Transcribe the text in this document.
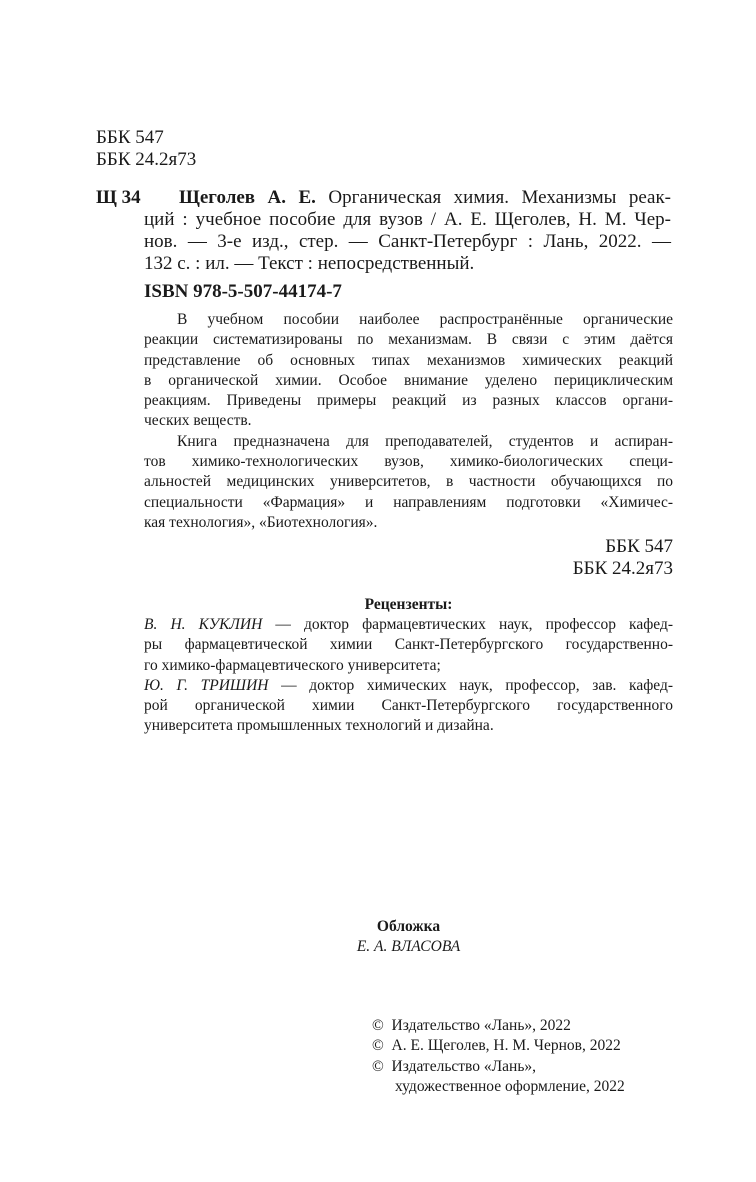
ББК 547
ББК 24.2я73
Щ 34 Щеголев А. Е. Органическая химия. Механизмы реак-
ций : учебное пособие для вузов / А. Е. Щеголев, Н. М. Чер-
нов. — 3-е изд., стер. — Санкт-Петербург : Лань, 2022. —
132 с. : ил. — Текст : непосредственный.
ISBN 978-5-507-44174-7
В учебном пособии наиболее распространённые органические
реакции систематизированы по механизмам. В связи с этим даётся
представление об основных типах механизмов химических реакций
в органической химии. Особое внимание уделено перициклическим
реакциям. Приведены примеры реакций из разных классов органи-
ческих веществ.
Книга предназначена для преподавателей, студентов и аспиран-
тов химико-технологических вузов, химико-биологических специ-
альностей медицинских университетов, в частности обучающихся по
специальности «Фармация» и направлениям подготовки «Химичес-
кая технология», «Биотехнология».
ББК 547
ББК 24.2я73
Рецензенты:
В. Н. КУКЛИН — доктор фармацевтических наук, профессор кафед-
ры фармацевтической химии Санкт-Петербургского государственно-
го химико-фармацевтического университета;
Ю. Г. ТРИШИН — доктор химических наук, профессор, зав. кафед-
рой органической химии Санкт-Петербургского государственного
университета промышленных технологий и дизайна.
Обложка
Е. А. ВЛАСОВА
© Издательство «Лань», 2022
© А. Е. Щеголев, Н. М. Чернов, 2022
© Издательство «Лань»,
художественное оформление, 2022
